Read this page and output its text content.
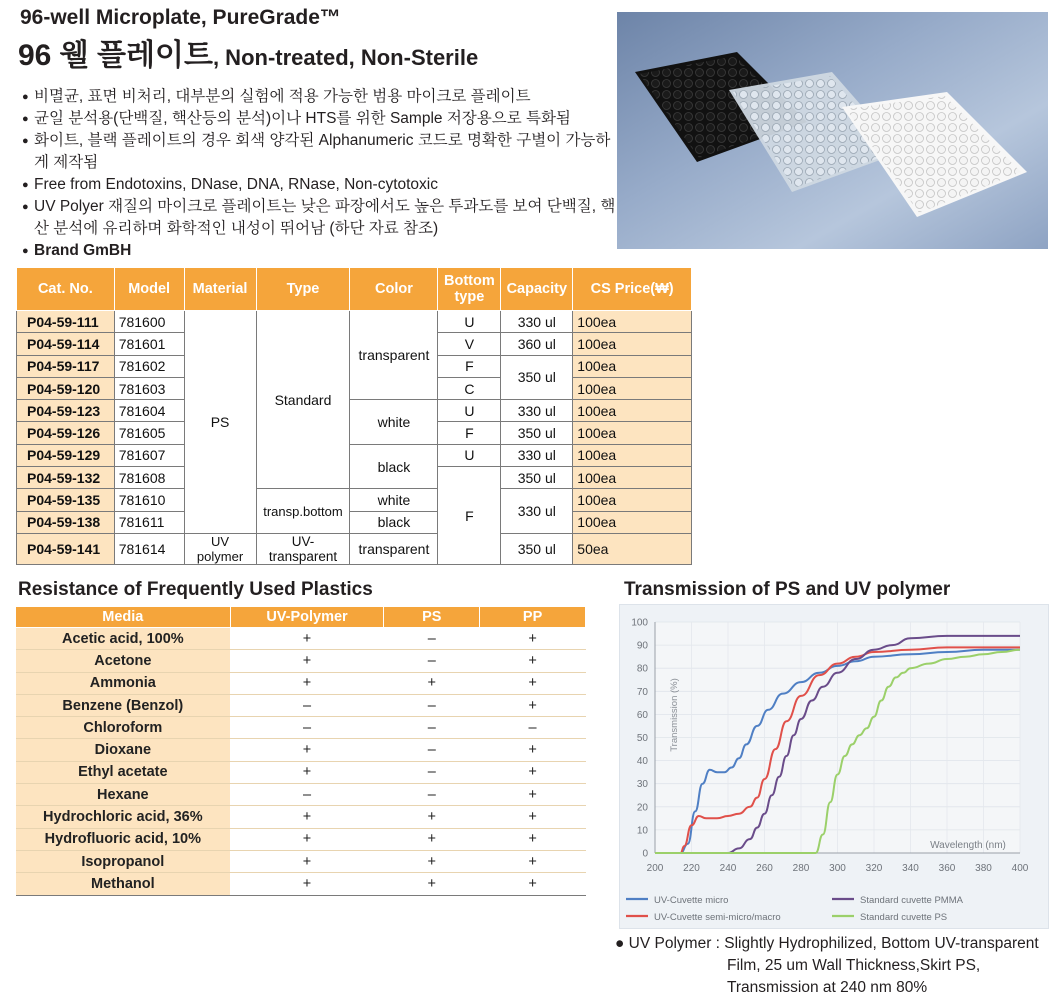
96-well Microplate, PureGrade™
96 웰 플레이트, Non-treated, Non-Sterile
● 비멸균, 표면 비처리, 대부분의 실험에 적용 가능한 범용 마이크로 플레이트
● 균일 분석용(단백질, 핵산등의 분석)이나 HTS를 위한 Sample 저장용으로 특화됨
● 화이트, 블랙 플레이트의 경우 회색 양각된 Alphanumeric 코드로 명확한 구별이 가능하게 제작됨
● Free from Endotoxins, DNase, DNA, RNase, Non-cytotoxic
● UV Polyer 재질의 마이크로 플레이트는 낮은 파장에서도 높은 투과도를 보여 단백질, 핵산 분석에 유리하며 화학적인 내성이 뛰어남 (하단 자료 참조)
● Brand GmBH
Cat. No.	Model	Material	Type	Color	Bottom type	Capacity	CS Price(₩)
P04-59-111	781600	PS	Standard	transparent	U	330 ul	100ea
P04-59-114	781601				V	360 ul	100ea
P04-59-117	781602				F	350 ul	100ea
P04-59-120	781603				C		100ea
P04-59-123	781604			white	U	330 ul	100ea
P04-59-126	781605				F	350 ul	100ea
P04-59-129	781607			black	U	330 ul	100ea
P04-59-132	781608				F	350 ul	100ea
P04-59-135	781610		transp.bottom	white		330 ul	100ea
P04-59-138	781611			black			100ea
P04-59-141	781614	UV polymer	UV-transparent	transparent		350 ul	50ea
Resistance of Frequently Used Plastics
Media	UV-Polymer	PS	PP
Acetic acid, 100%	+	–	+
Acetone	+	–	+
Ammonia	+	+	+
Benzene (Benzol)	–	–	+
Chloroform	–	–	–
Dioxane	+	–	+
Ethyl acetate	+	–	+
Hexane	–	–	+
Hydrochloric acid, 36%	+	+	+
Hydrofluoric acid, 10%	+	+	+
Isopropanol	+	+	+
Methanol	+	+	+
Transmission of PS and UV polymer
0
10
20
30
40
50
60
70
80
90
100
200 220 240 260 280 300 320 340 360 380 400
Transmission (%)
Wavelength (nm)
UV-Cuvette micro
UV-Cuvette semi-micro/macro
Standard cuvette PMMA
Standard cuvette PS
● UV Polymer : Slightly Hydrophilized, Bottom UV-transparent
Film, 25 um Wall Thickness,Skirt PS,
Transmission at 240 nm 80%
